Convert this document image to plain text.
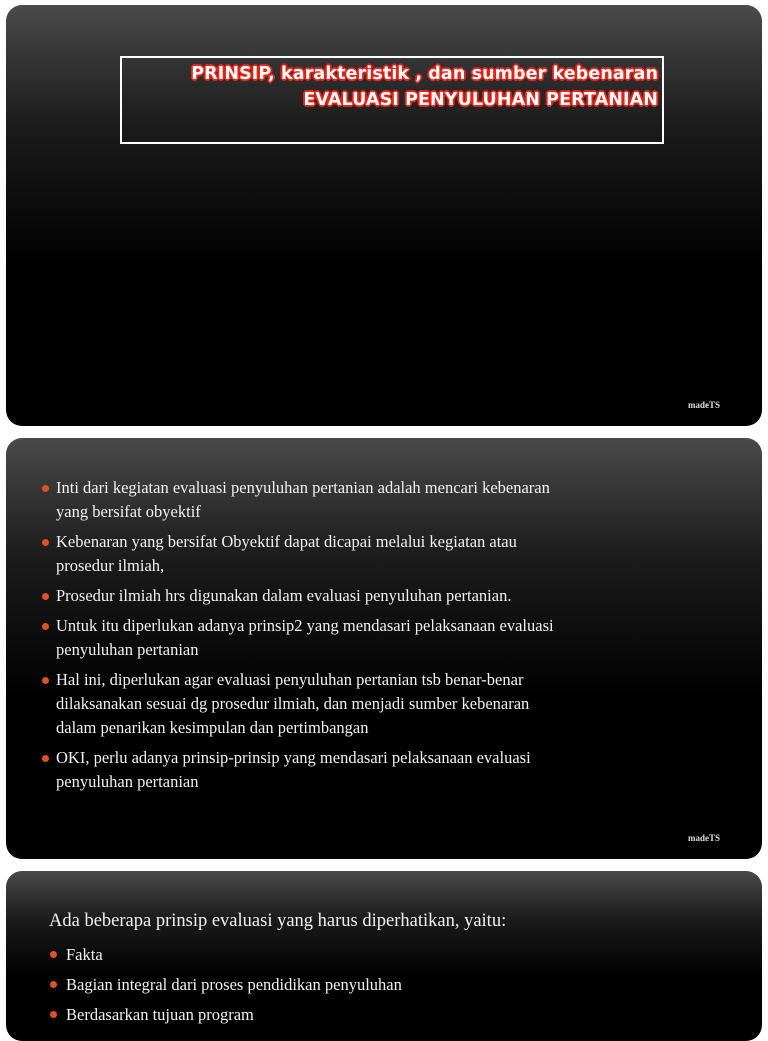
PRINSIP, karakteristik , dan sumber kebenaran
EVALUASI PENYULUHAN PERTANIAN
madeTS
Inti dari kegiatan evaluasi penyuluhan pertanian adalah mencari kebenaran
yang bersifat obyektif
Kebenaran yang bersifat Obyektif dapat dicapai melalui kegiatan atau
prosedur ilmiah,
Prosedur ilmiah hrs digunakan dalam evaluasi penyuluhan pertanian.
Untuk itu diperlukan adanya prinsip2 yang mendasari pelaksanaan evaluasi
penyuluhan pertanian
Hal ini, diperlukan agar evaluasi penyuluhan pertanian tsb benar-benar
dilaksanakan sesuai dg prosedur ilmiah, dan menjadi sumber kebenaran
dalam penarikan kesimpulan dan pertimbangan
OKI, perlu adanya prinsip-prinsip yang mendasari pelaksanaan evaluasi
penyuluhan pertanian
madeTS
Ada beberapa prinsip evaluasi yang harus diperhatikan, yaitu:
Fakta
Bagian integral dari proses pendidikan penyuluhan
Berdasarkan tujuan program
